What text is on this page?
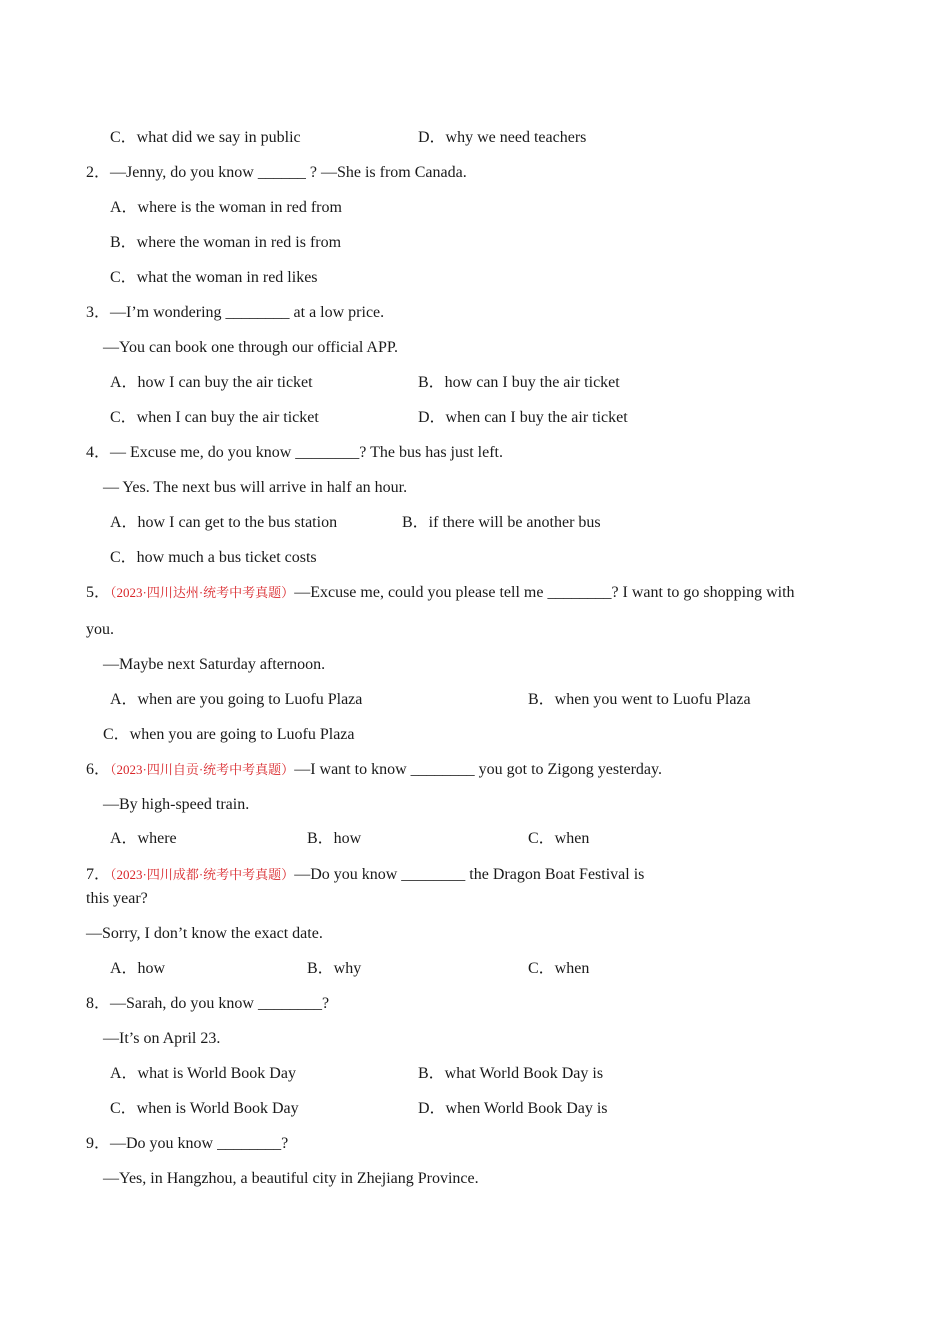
C．what did we say in public	D．why we need teachers
2．—Jenny, do you know ______ ? —She is from Canada.
A．where is the woman in red from
B．where the woman in red is from
C．what the woman in red likes
3．—I’m wondering ________ at a low price.
—You can book one through our official APP.
A．how I can buy the air ticket	B．how can I buy the air ticket
C．when I can buy the air ticket	D．when can I buy the air ticket
4．— Excuse me, do you know ________? The bus has just left.
— Yes. The next bus will arrive in half an hour.
A．how I can get to the bus station	B．if there will be another bus
C．how much a bus ticket costs
5．（2023·四川达州·统考中考真题）—Excuse me, could you please tell me ________? I want to go shopping with
you.
—Maybe next Saturday afternoon.
A．when are you going to Luofu Plaza	B．when you went to Luofu Plaza
C．when you are going to Luofu Plaza
6．（2023·四川自贡·统考中考真题）—I want to know ________ you got to Zigong yesterday.
—By high-speed train.
A．where	B．how	C．when
7．（2023·四川成都·统考中考真题）—Do you know ________ the Dragon Boat Festival is
this year?
—Sorry, I don’t know the exact date.
A．how	B．why	C．when
8．—Sarah, do you know ________?
—It’s on April 23.
A．what is World Book Day	B．what World Book Day is
C．when is World Book Day	D．when World Book Day is
9．—Do you know ________?
—Yes, in Hangzhou, a beautiful city in Zhejiang Province.
